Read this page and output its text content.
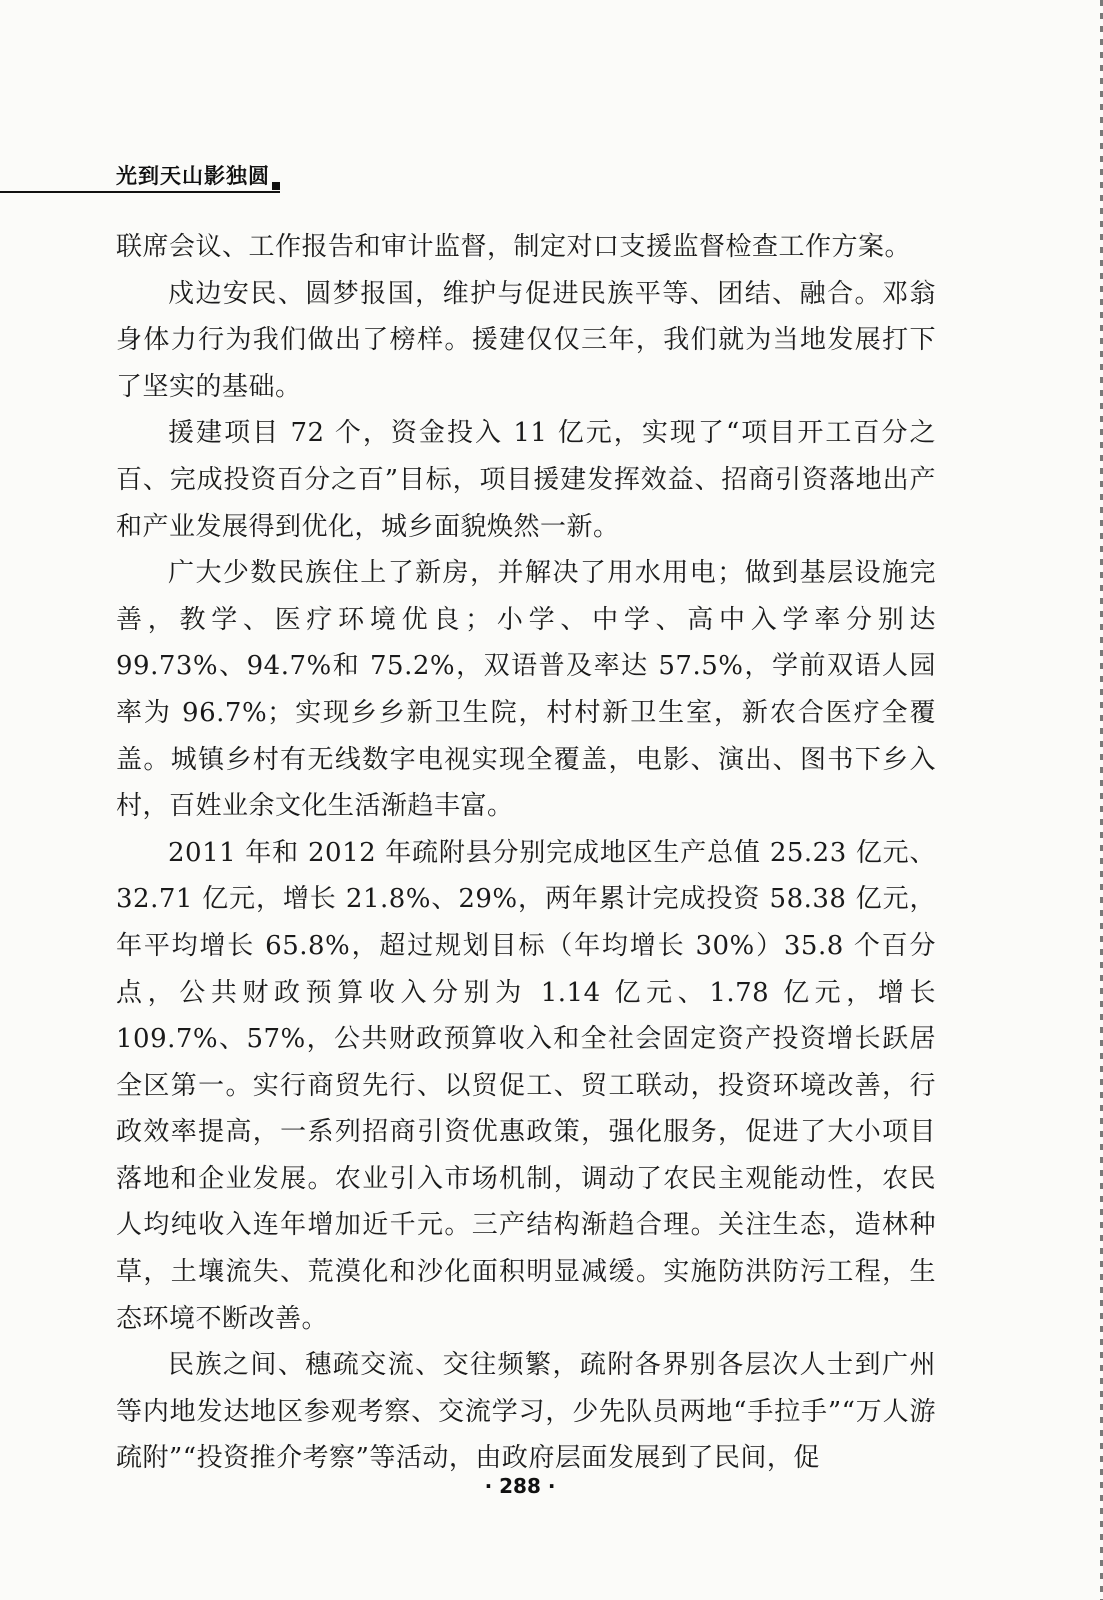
光到天山影独圆

联席会议、工作报告和审计监督，制定对口支援监督检查工作方案。

戍边安民、圆梦报国，维护与促进民族平等、团结、融合。邓翁身体力行为我们做出了榜样。援建仅仅三年，我们就为当地发展打下了坚实的基础。

援建项目 72 个，资金投入 11 亿元，实现了“项目开工百分之百、完成投资百分之百”目标，项目援建发挥效益、招商引资落地出产和产业发展得到优化，城乡面貌焕然一新。

广大少数民族住上了新房，并解决了用水用电；做到基层设施完善，教学、医疗环境优良；小学、中学、高中入学率分别达 99.73%、94.7%和 75.2%，双语普及率达 57.5%，学前双语人园率为 96.7%；实现乡乡新卫生院，村村新卫生室，新农合医疗全覆盖。城镇乡村有无线数字电视实现全覆盖，电影、演出、图书下乡入村，百姓业余文化生活渐趋丰富。

2011 年和 2012 年疏附县分别完成地区生产总值 25.23 亿元、32.71 亿元，增长 21.8%、29%，两年累计完成投资 58.38 亿元，年平均增长 65.8%，超过规划目标（年均增长 30%）35.8 个百分点，公共财政预算收入分别为 1.14 亿元、1.78 亿元，增长 109.7%、57%，公共财政预算收入和全社会固定资产投资增长跃居全区第一。实行商贸先行、以贸促工、贸工联动，投资环境改善，行政效率提高，一系列招商引资优惠政策，强化服务，促进了大小项目落地和企业发展。农业引入市场机制，调动了农民主观能动性，农民人均纯收入连年增加近千元。三产结构渐趋合理。关注生态，造林种草，土壤流失、荒漠化和沙化面积明显减缓。实施防洪防污工程，生态环境不断改善。

民族之间、穗疏交流、交往频繁，疏附各界别各层次人士到广州等内地发达地区参观考察、交流学习，少先队员两地“手拉手”“万人游疏附”“投资推介考察”等活动，由政府层面发展到了民间，促

· 288 ·
